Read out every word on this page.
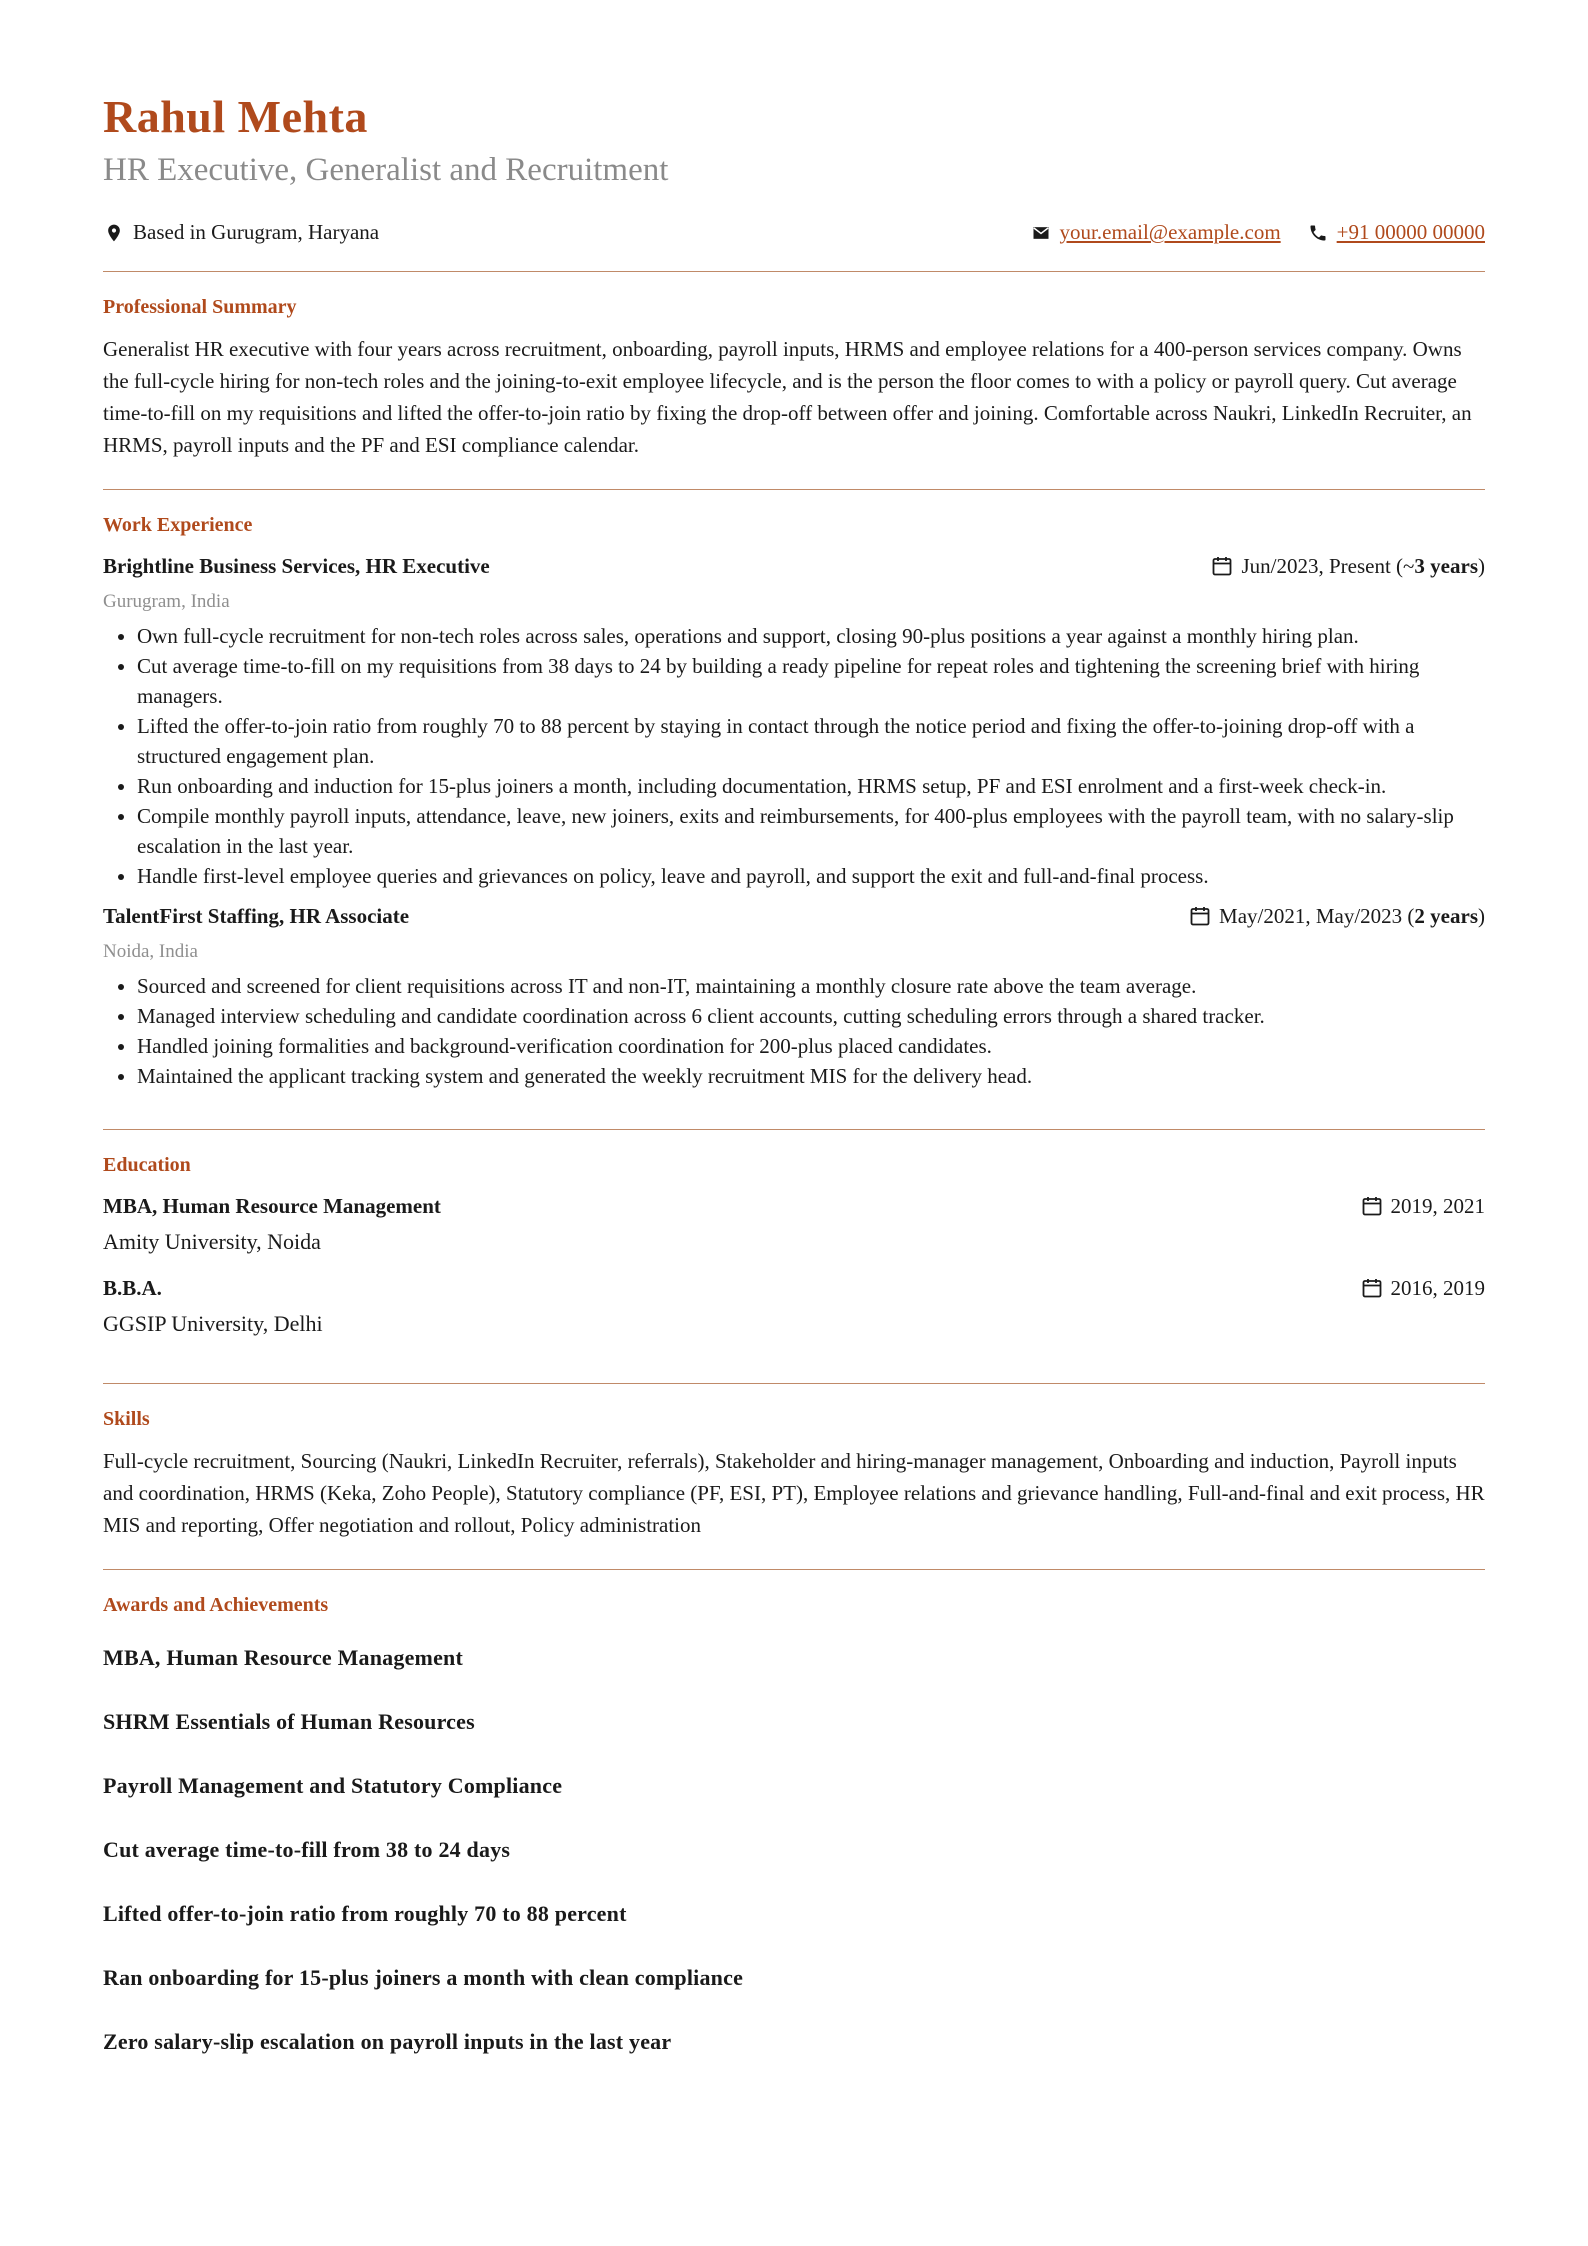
Rahul Mehta
HR Executive, Generalist and Recruitment
Based in Gurugram, Haryana	your.email@example.com	+91 00000 00000
Professional Summary

Generalist HR executive with four years across recruitment, onboarding, payroll inputs, HRMS and employee relations for a 400-person services company. Owns the full-cycle hiring for non-tech roles and the joining-to-exit employee lifecycle, and is the person the floor comes to with a policy or payroll query. Cut average time-to-fill on my requisitions and lifted the offer-to-join ratio by fixing the drop-off between offer and joining. Comfortable across Naukri, LinkedIn Recruiter, an HRMS, payroll inputs and the PF and ESI compliance calendar.

Work Experience
Brightline Business Services, HR Executive	Jun/2023, Present (~ 3 years )
Gurugram, India
• Own full-cycle recruitment for non-tech roles across sales, operations and support, closing 90-plus positions a year against a monthly hiring plan.
• Cut average time-to-fill on my requisitions from 38 days to 24 by building a ready pipeline for repeat roles and tightening the screening brief with hiring managers.
• Lifted the offer-to-join ratio from roughly 70 to 88 percent by staying in contact through the notice period and fixing the offer-to-joining drop-off with a structured engagement plan.
• Run onboarding and induction for 15-plus joiners a month, including documentation, HRMS setup, PF and ESI enrolment and a first-week check-in.
• Compile monthly payroll inputs, attendance, leave, new joiners, exits and reimbursements, for 400-plus employees with the payroll team, with no salary-slip escalation in the last year.
• Handle first-level employee queries and grievances on policy, leave and payroll, and support the exit and full-and-final process.
TalentFirst Staffing, HR Associate	May/2021, May/2023 ( 2 years )
Noida, India
• Sourced and screened for client requisitions across IT and non-IT, maintaining a monthly closure rate above the team average.
• Managed interview scheduling and candidate coordination across 6 client accounts, cutting scheduling errors through a shared tracker.
• Handled joining formalities and background-verification coordination for 200-plus placed candidates.
• Maintained the applicant tracking system and generated the weekly recruitment MIS for the delivery head.
Education
MBA, Human Resource Management	2019, 2021
Amity University, Noida
B.B.A.	2016, 2019
GGSIP University, Delhi
Skills

Full-cycle recruitment, Sourcing (Naukri, LinkedIn Recruiter, referrals), Stakeholder and hiring-manager management, Onboarding and induction, Payroll inputs and coordination, HRMS (Keka, Zoho People), Statutory compliance (PF, ESI, PT), Employee relations and grievance handling, Full-and-final and exit process, HR MIS and reporting, Offer negotiation and rollout, Policy administration

Awards and Achievements
MBA, Human Resource Management
SHRM Essentials of Human Resources
Payroll Management and Statutory Compliance
Cut average time-to-fill from 38 to 24 days
Lifted offer-to-join ratio from roughly 70 to 88 percent
Ran onboarding for 15-plus joiners a month with clean compliance
Zero salary-slip escalation on payroll inputs in the last year
